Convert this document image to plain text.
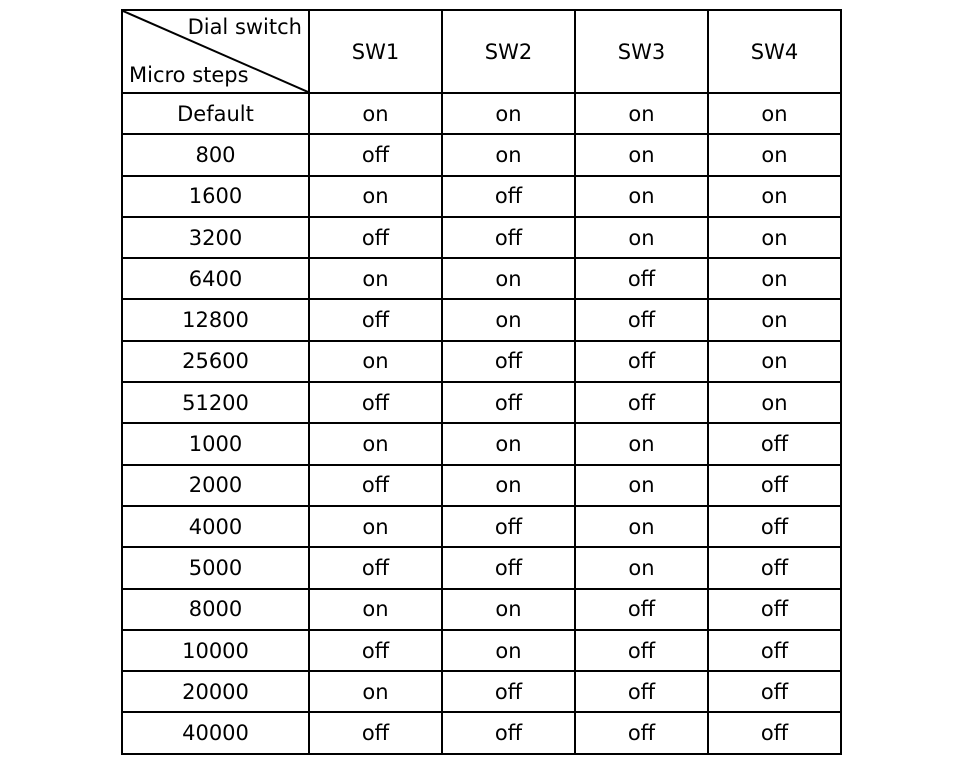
Dial switch
Micro steps	SW1	SW2	SW3	SW4
Default	on	on	on	on
800	off	on	on	on
1600	on	off	on	on
3200	off	off	on	on
6400	on	on	off	on
12800	off	on	off	on
25600	on	off	off	on
51200	off	off	off	on
1000	on	on	on	off
2000	off	on	on	off
4000	on	off	on	off
5000	off	off	on	off
8000	on	on	off	off
10000	off	on	off	off
20000	on	off	off	off
40000	off	off	off	off
